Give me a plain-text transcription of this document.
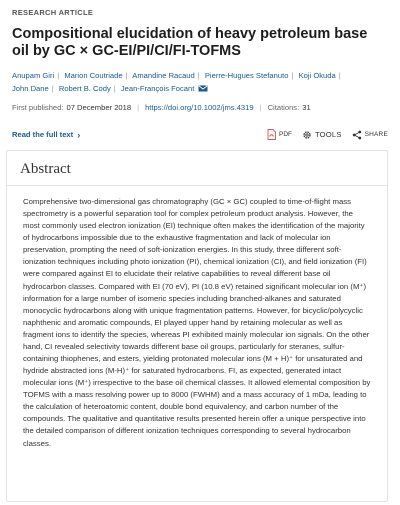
RESEARCH ARTICLE
Compositional elucidation of heavy petroleum base oil by GC × GC-EI/PI/CI/FI-TOFMS
Anupam Giri | Marion Coutriade | Amandine Racaud | Pierre-Hugues Stefanuto | Koji Okuda | John Dane | Robert B. Cody | Jean-François Focant
First published: 07 December 2018 | https://doi.org/10.1002/jms.4319 | Citations: 31
Read the full text ›	PDF	TOOLS	SHARE
Abstract
Comprehensive two-dimensional gas chromatography (GC × GC) coupled to time-of-flight mass spectrometry is a powerful separation tool for complex petroleum product analysis. However, the most commonly used electron ionization (EI) technique often makes the identification of the majority of hydrocarbons impossible due to the exhaustive fragmentation and lack of molecular ion preservation, prompting the need of soft-ionization energies. In this study, three different soft-ionization techniques including photo ionization (PI), chemical ionization (CI), and field ionization (FI) were compared against EI to elucidate their relative capabilities to reveal different base oil hydrocarbon classes. Compared with EI (70 eV), PI (10.8 eV) retained significant molecular ion (M⁺) information for a large number of isomeric species including branched-alkanes and saturated monocyclic hydrocarbons along with unique fragmentation patterns. However, for bicyclic/polycyclic naphthenic and aromatic compounds, EI played upper hand by retaining molecular as well as fragment ions to identify the species, whereas PI exhibited mainly molecular ion signals. On the other hand, CI revealed selectivity towards different base oil groups, particularly for steranes, sulfur-containing thiophenes, and esters, yielding protonated molecular ions (M + H)⁺ for unsaturated and hydride abstracted ions (M-H)⁺ for saturated hydrocarbons. FI, as expected, generated intact molecular ions (M⁺) irrespective to the base oil chemical classes. It allowed elemental composition by TOFMS with a mass resolving power up to 8000 (FWHM) and a mass accuracy of 1 mDa, leading to the calculation of heteroatomic content, double bond equivalency, and carbon number of the compounds. The qualitative and quantitative results presented herein offer a unique perspective into the detailed comparison of different ionization techniques corresponding to several hydrocarbon classes.
